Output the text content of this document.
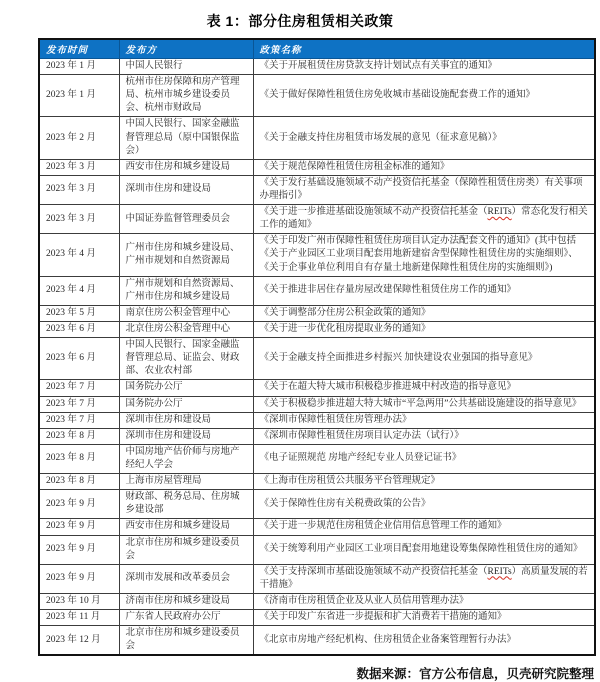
表 1：部分住房租赁相关政策
发布时间	发布方	政策名称
2023 年 1 月	中国人民银行	《关于开展租赁住房贷款支持计划试点有关事宜的通知》
2023 年 1 月	杭州市住房保障和房产管理局、杭州市城乡建设委员会、杭州市财政局	《关于做好保障性租赁住房免收城市基础设施配套费工作的通知》
2023 年 2 月	中国人民银行、国家金融监督管理总局（原中国银保监会）	《关于金融支持住房租赁市场发展的意见（征求意见稿）》
2023 年 3 月	西安市住房和城乡建设局	《关于规范保障性租赁住房租金标准的通知》
2023 年 3 月	深圳市住房和建设局	《关于发行基础设施领域不动产投资信托基金（保障性租赁住房类）有关事项办理指引》
2023 年 3 月	中国证券监督管理委员会	《关于进一步推进基础设施领域不动产投资信托基金（REITs）常态化发行相关工作的通知》
2023 年 4 月	广州市住房和城乡建设局、广州市规划和自然资源局	《关于印发广州市保障性租赁住房项目认定办法配套文件的通知》(其中包括《关于产业园区工业项目配套用地新建宿舍型保障性租赁住房的实施细则》、《关于企事业单位利用自有存量土地新建保障性租赁住房的实施细则》)
2023 年 4 月	广州市规划和自然资源局、广州市住房和城乡建设局	《关于推进非居住存量房屋改建保障性租赁住房工作的通知》
2023 年 5 月	南京住房公积金管理中心	《关于调整部分住房公积金政策的通知》
2023 年 6 月	北京住房公积金管理中心	《关于进一步优化租房提取业务的通知》
2023 年 6 月	中国人民银行、国家金融监督管理总局、证监会、财政部、农业农村部	《关于金融支持全面推进乡村振兴 加快建设农业强国的指导意见》
2023 年 7 月	国务院办公厅	《关于在超大特大城市积极稳步推进城中村改造的指导意见》
2023 年 7 月	国务院办公厅	《关于积极稳步推进超大特大城市“平急两用”公共基础设施建设的指导意见》
2023 年 7 月	深圳市住房和建设局	《深圳市保障性租赁住房管理办法》
2023 年 8 月	深圳市住房和建设局	《深圳市保障性租赁住房项目认定办法（试行）》
2023 年 8 月	中国房地产估价师与房地产经纪人学会	《电子证照规范 房地产经纪专业人员登记证书》
2023 年 8 月	上海市房屋管理局	《上海市住房租赁公共服务平台管理规定》
2023 年 9 月	财政部、税务总局、住房城乡建设部	《关于保障性住房有关税费政策的公告》
2023 年 9 月	西安市住房和城乡建设局	《关于进一步规范住房租赁企业信用信息管理工作的通知》
2023 年 9 月	北京市住房和城乡建设委员会	《关于统筹利用产业园区工业项目配套用地建设筹集保障性租赁住房的通知》
2023 年 9 月	深圳市发展和改革委员会	《关于支持深圳市基础设施领域不动产投资信托基金（REITs）高质量发展的若干措施》
2023 年 10 月	济南市住房和城乡建设局	《济南市住房租赁企业及从业人员信用管理办法》
2023 年 11 月	广东省人民政府办公厅	《关于印发广东省进一步提振和扩大消费若干措施的通知》
2023 年 12 月	北京市住房和城乡建设委员会	《北京市房地产经纪机构、住房租赁企业备案管理暂行办法》
数据来源：官方公布信息，贝壳研究院整理
